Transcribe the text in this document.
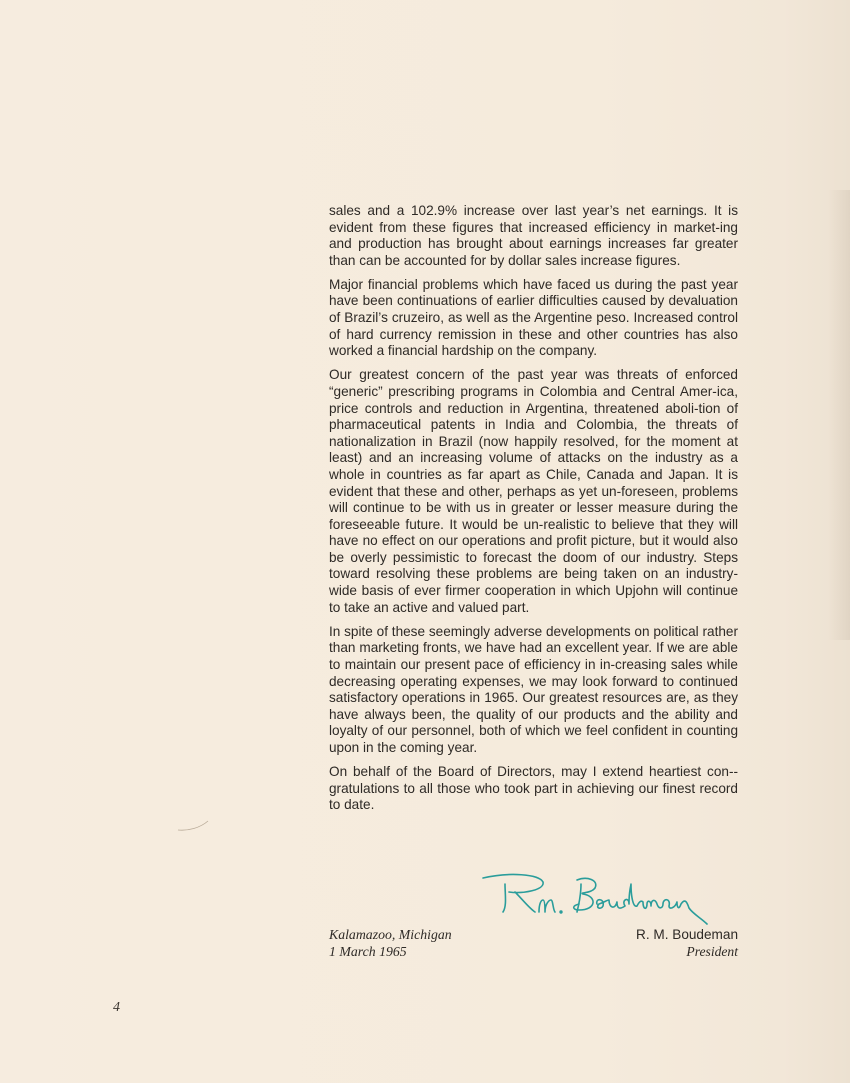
sales and a 102.9% increase over last year’s net earnings. It is evident from these figures that increased efficiency in market-ing and production has brought about earnings increases far greater than can be accounted for by dollar sales increase figures.

Major financial problems which have faced us during the past year have been continuations of earlier difficulties caused by devaluation of Brazil’s cruzeiro, as well as the Argentine peso. Increased control of hard currency remission in these and other countries has also worked a financial hardship on the company.

Our greatest concern of the past year was threats of enforced “generic” prescribing programs in Colombia and Central Amer-ica, price controls and reduction in Argentina, threatened aboli-tion of pharmaceutical patents in India and Colombia, the threats of nationalization in Brazil (now happily resolved, for the moment at least) and an increasing volume of attacks on the industry as a whole in countries as far apart as Chile, Canada and Japan. It is evident that these and other, perhaps as yet un-foreseen, problems will continue to be with us in greater or lesser measure during the foreseeable future. It would be un-realistic to believe that they will have no effect on our operations and profit picture, but it would also be overly pessimistic to forecast the doom of our industry. Steps toward resolving these problems are being taken on an industry-wide basis of ever firmer cooperation in which Upjohn will continue to take an active and valued part.

In spite of these seemingly adverse developments on political rather than marketing fronts, we have had an excellent year. If we are able to maintain our present pace of efficiency in in-creasing sales while decreasing operating expenses, we may look forward to continued satisfactory operations in 1965. Our greatest resources are, as they have always been, the quality of our products and the ability and loyalty of our personnel, both of which we feel confident in counting upon in the coming year.

On behalf of the Board of Directors, may I extend heartiest con-gratulations to all those who took part in achieving our finest record to date.

Kalamazoo, Michigan
1 March 1965
R. M. Boudeman
President
4
